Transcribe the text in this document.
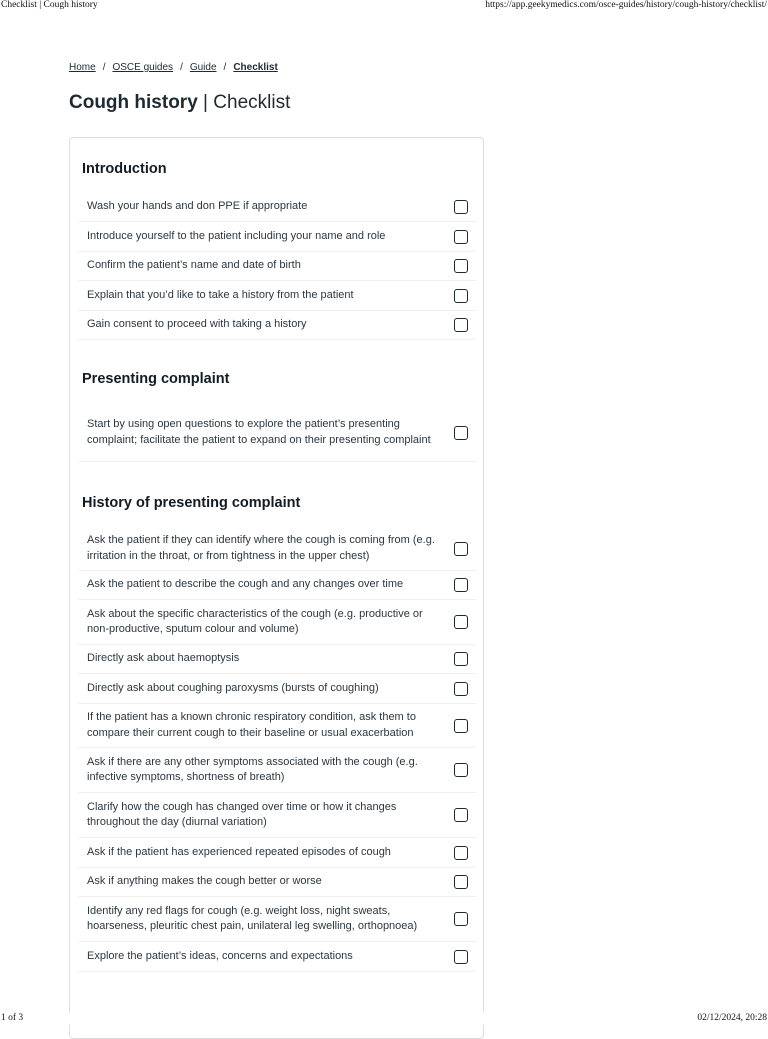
Checklist | Cough history	https://app.geekymedics.com/osce-guides/history/cough-history/checklist/
Home / OSCE guides / Guide / Checklist
Cough history | Checklist
Introduction
Wash your hands and don PPE if appropriate
Introduce yourself to the patient including your name and role
Confirm the patient’s name and date of birth
Explain that you’d like to take a history from the patient
Gain consent to proceed with taking a history
Presenting complaint
Start by using open questions to explore the patient’s presenting complaint; facilitate the patient to expand on their presenting complaint
History of presenting complaint
Ask the patient if they can identify where the cough is coming from (e.g. irritation in the throat, or from tightness in the upper chest)
Ask the patient to describe the cough and any changes over time
Ask about the specific characteristics of the cough (e.g. productive or non-productive, sputum colour and volume)
Directly ask about haemoptysis
Directly ask about coughing paroxysms (bursts of coughing)
If the patient has a known chronic respiratory condition, ask them to compare their current cough to their baseline or usual exacerbation
Ask if there are any other symptoms associated with the cough (e.g. infective symptoms, shortness of breath)
Clarify how the cough has changed over time or how it changes throughout the day (diurnal variation)
Ask if the patient has experienced repeated episodes of cough
Ask if anything makes the cough better or worse
Identify any red flags for cough (e.g. weight loss, night sweats, hoarseness, pleuritic chest pain, unilateral leg swelling, orthopnoea)
Explore the patient’s ideas, concerns and expectations
1 of 3	02/12/2024, 20:28
